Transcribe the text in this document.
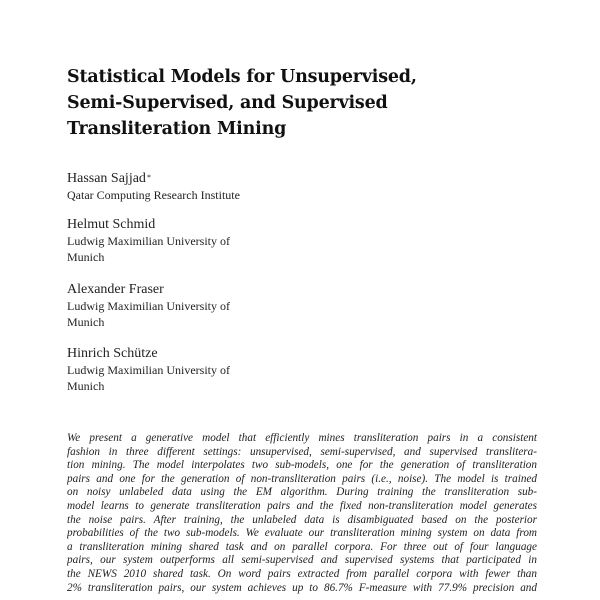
Statistical Models for Unsupervised,
Semi-Supervised, and Supervised
Transliteration Mining
Hassan Sajjad*
Qatar Computing Research Institute
Helmut Schmid
Ludwig Maximilian University of
Munich
Alexander Fraser
Ludwig Maximilian University of
Munich
Hinrich Schütze
Ludwig Maximilian University of
Munich
We present a generative model that efficiently mines transliteration pairs in a consistent
fashion in three different settings: unsupervised, semi-supervised, and supervised translitera-
tion mining. The model interpolates two sub-models, one for the generation of transliteration
pairs and one for the generation of non-transliteration pairs (i.e., noise). The model is trained
on noisy unlabeled data using the EM algorithm. During training the transliteration sub-
model learns to generate transliteration pairs and the fixed non-transliteration model generates
the noise pairs. After training, the unlabeled data is disambiguated based on the posterior
probabilities of the two sub-models. We evaluate our transliteration mining system on data from
a transliteration mining shared task and on parallel corpora. For three out of four language
pairs, our system outperforms all semi-supervised and supervised systems that participated in
the NEWS 2010 shared task. On word pairs extracted from parallel corpora with fewer than
2% transliteration pairs, our system achieves up to 86.7% F-measure with 77.9% precision and
